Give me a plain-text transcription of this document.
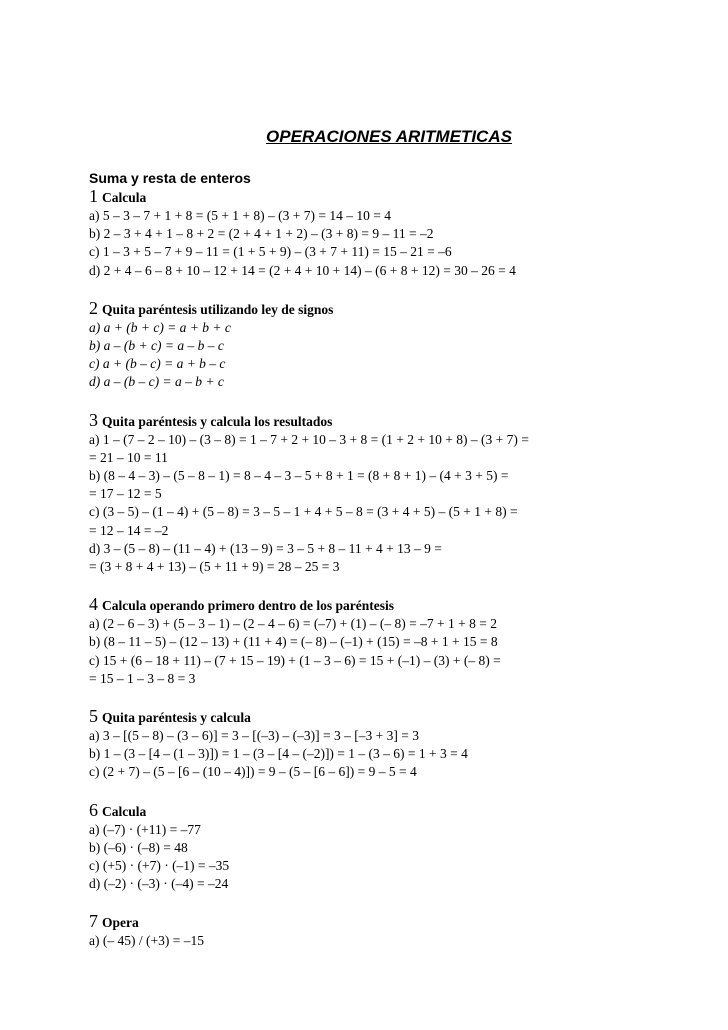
OPERACIONES ARITMETICAS
Suma y resta de enteros
1 Calcula
a) 5 – 3 – 7 + 1 + 8 = (5 + 1 + 8) – (3 + 7) = 14 – 10 = 4
b) 2 – 3 + 4 + 1 – 8 + 2 = (2 + 4 + 1 + 2) – (3 + 8) = 9 – 11 = –2
c) 1 – 3 + 5 – 7 + 9 – 11 = (1 + 5 + 9) – (3 + 7 + 11) = 15 – 21 = –6
d) 2 + 4 – 6 – 8 + 10 – 12 + 14 = (2 + 4 + 10 + 14) – (6 + 8 + 12) = 30 – 26 = 4
2 Quita paréntesis utilizando ley de signos
a) a + (b + c) = a + b + c
b) a – (b + c) = a – b – c
c) a + (b – c) = a + b – c
d) a – (b – c) = a – b + c
3 Quita paréntesis y calcula los resultados
a) 1 – (7 – 2 – 10) – (3 – 8) = 1 – 7 + 2 + 10 – 3 + 8 = (1 + 2 + 10 + 8) – (3 + 7) =
= 21 – 10 = 11
b) (8 – 4 – 3) – (5 – 8 – 1) = 8 – 4 – 3 – 5 + 8 + 1 = (8 + 8 + 1) – (4 + 3 + 5) =
= 17 – 12 = 5
c) (3 – 5) – (1 – 4) + (5 – 8) = 3 – 5 – 1 + 4 + 5 – 8 = (3 + 4 + 5) – (5 + 1 + 8) =
= 12 – 14 = –2
d) 3 – (5 – 8) – (11 – 4) + (13 – 9) = 3 – 5 + 8 – 11 + 4 + 13 – 9 =
= (3 + 8 + 4 + 13) – (5 + 11 + 9) = 28 – 25 = 3
4 Calcula operando primero dentro de los paréntesis
a) (2 – 6 – 3) + (5 – 3 – 1) – (2 – 4 – 6) = (–7) + (1) – (– 8) = –7 + 1 + 8 = 2
b) (8 – 11 – 5) – (12 – 13) + (11 + 4) = (– 8) – (–1) + (15) = –8 + 1 + 15 = 8
c) 15 + (6 – 18 + 11) – (7 + 15 – 19) + (1 – 3 – 6) = 15 + (–1) – (3) + (– 8) =
= 15 – 1 – 3 – 8 = 3
5 Quita paréntesis y calcula
a) 3 – [(5 – 8) – (3 – 6)] = 3 – [(–3) – (–3)] = 3 – [–3 + 3] = 3
b) 1 – (3 – [4 – (1 – 3)]) = 1 – (3 – [4 – (–2)]) = 1 – (3 – 6) = 1 + 3 = 4
c) (2 + 7) – (5 – [6 – (10 – 4)]) = 9 – (5 – [6 – 6]) = 9 – 5 = 4
6 Calcula
a) (–7) · (+11) = –77
b) (–6) · (–8) = 48
c) (+5) · (+7) · (–1) = –35
d) (–2) · (–3) · (–4) = –24
7 Opera
a) (– 45) / (+3) = –15
